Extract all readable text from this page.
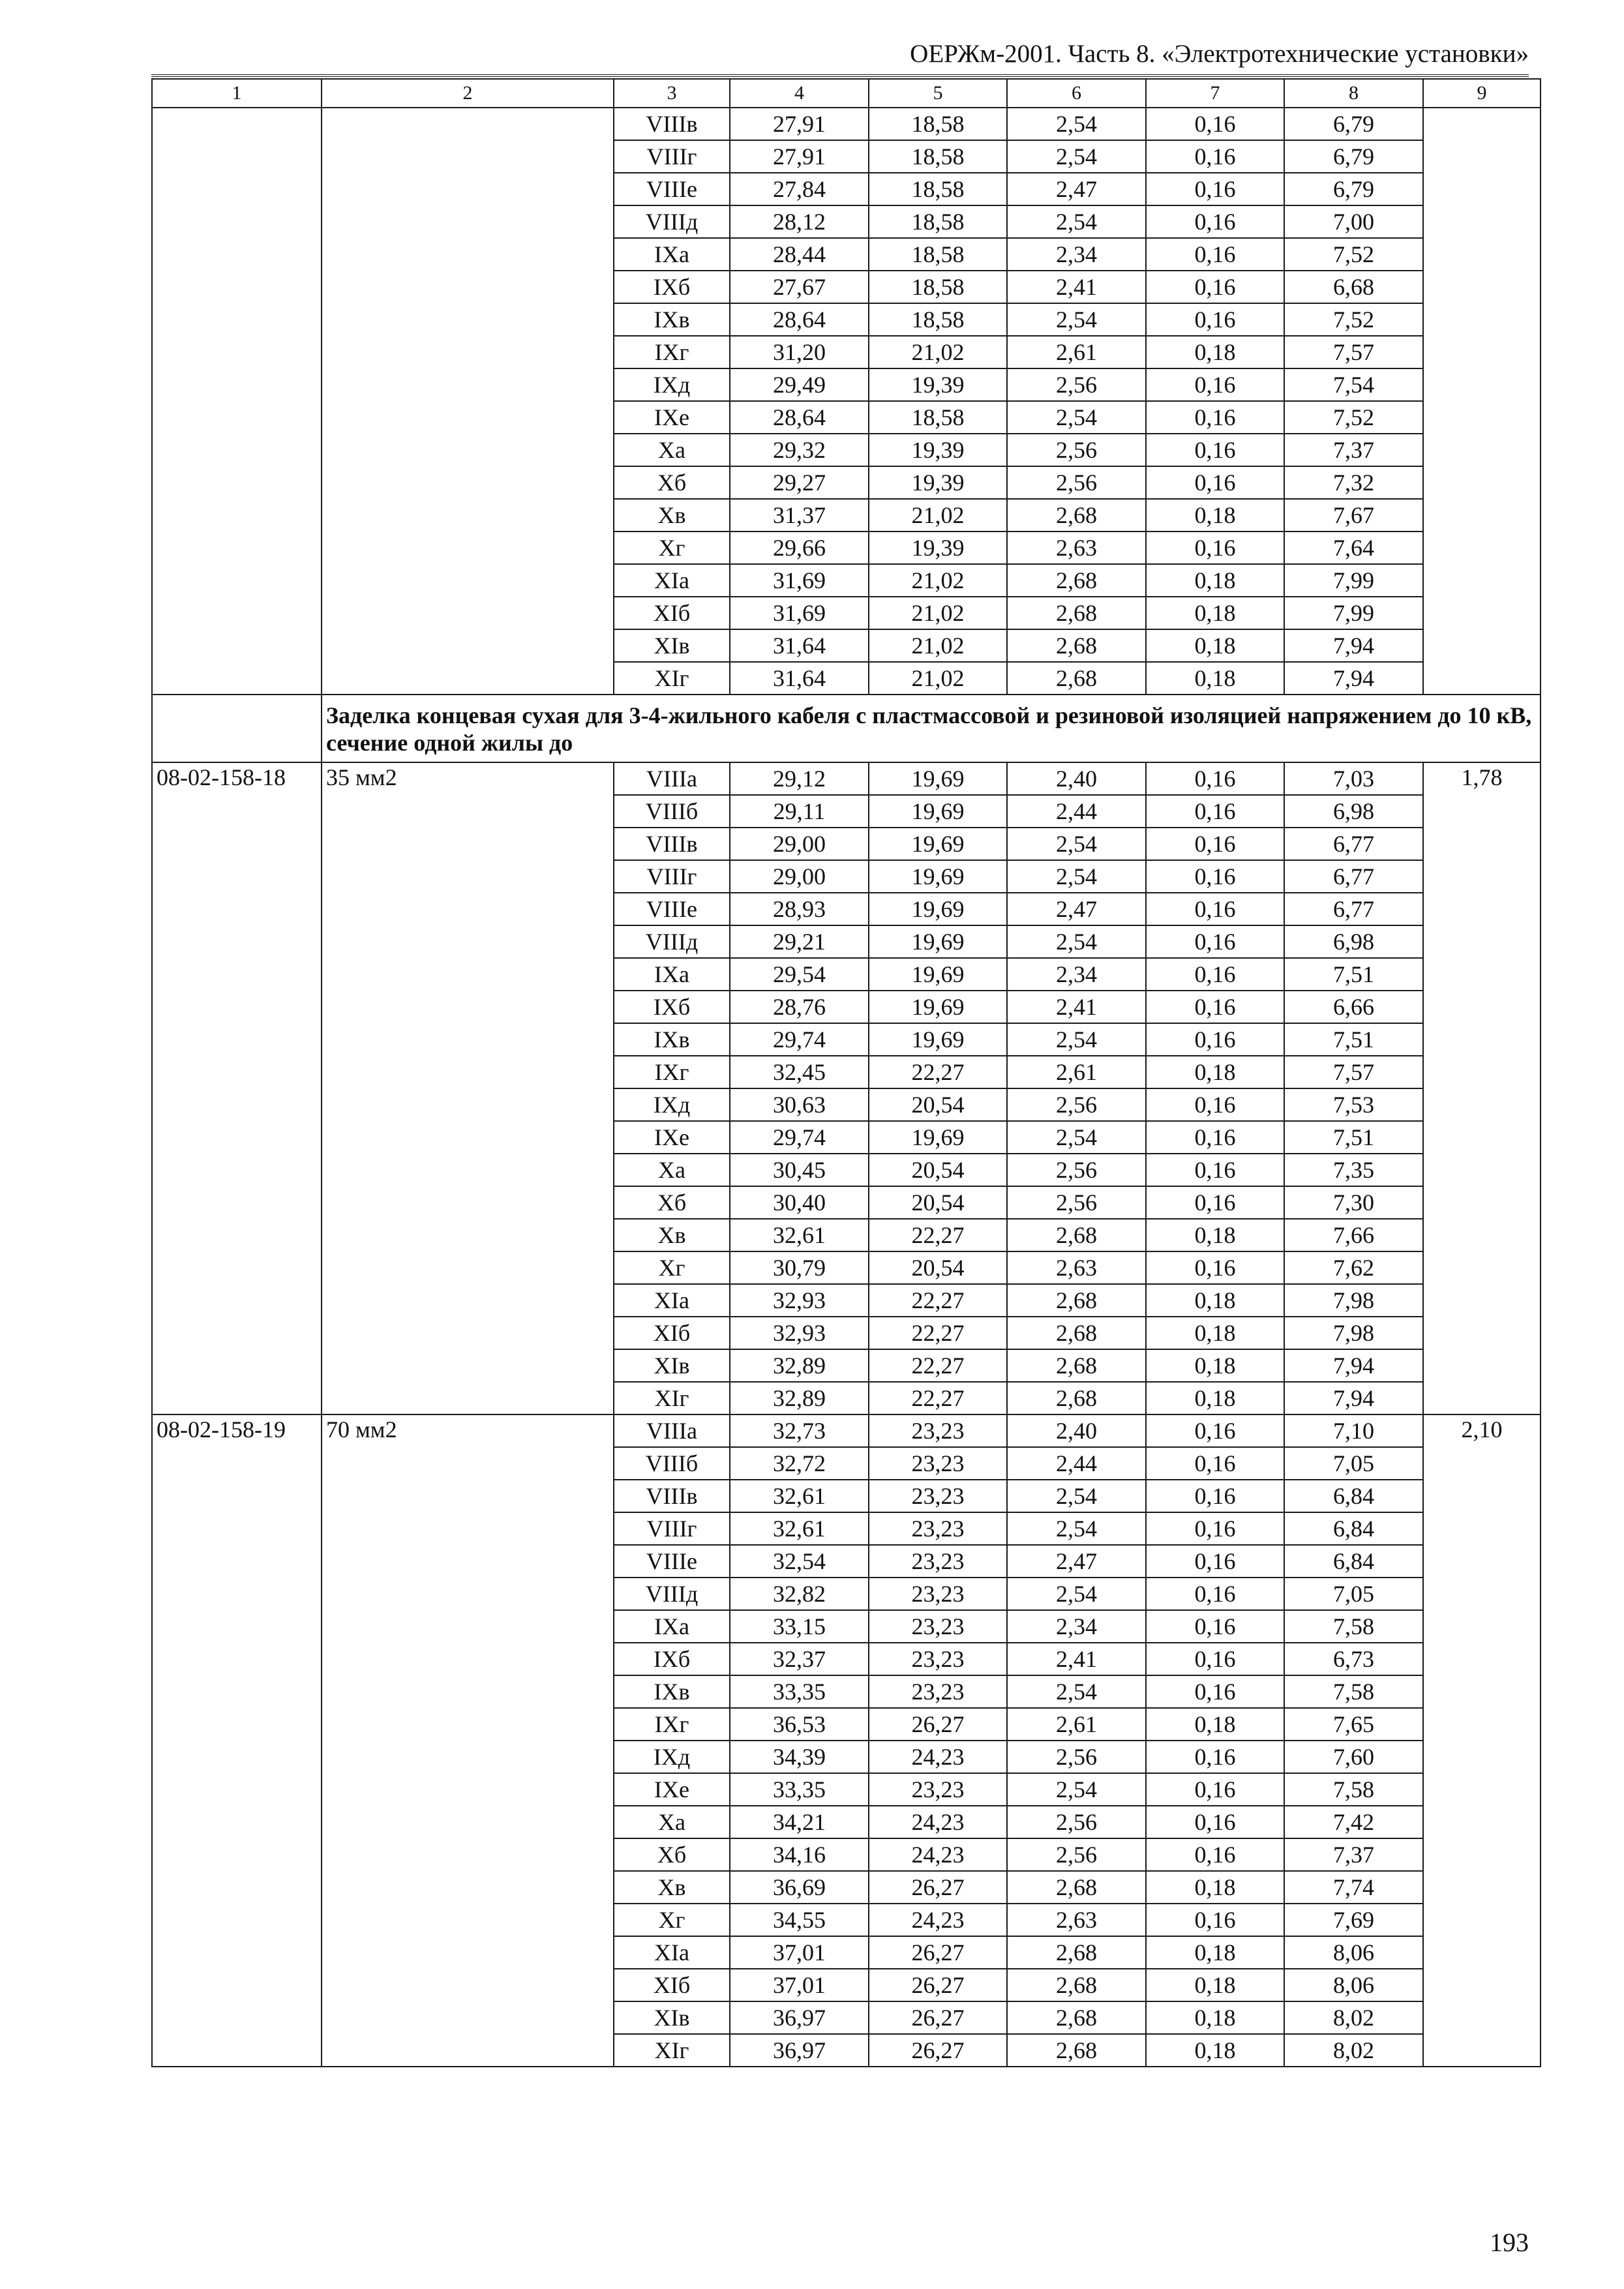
ОЕРЖм-2001. Часть 8. «Электротехнические установки»
1	2	3	4	5	6	7	8	9
		VIIIв	27,91	18,58	2,54	0,16	6,79	
		VIIIг	27,91	18,58	2,54	0,16	6,79	
		VIIIе	27,84	18,58	2,47	0,16	6,79	
		VIIIд	28,12	18,58	2,54	0,16	7,00	
		IXа	28,44	18,58	2,34	0,16	7,52	
		IXб	27,67	18,58	2,41	0,16	6,68	
		IXв	28,64	18,58	2,54	0,16	7,52	
		IXг	31,20	21,02	2,61	0,18	7,57	
		IXд	29,49	19,39	2,56	0,16	7,54	
		IXе	28,64	18,58	2,54	0,16	7,52	
		Xа	29,32	19,39	2,56	0,16	7,37	
		Xб	29,27	19,39	2,56	0,16	7,32	
		Xв	31,37	21,02	2,68	0,18	7,67	
		Xг	29,66	19,39	2,63	0,16	7,64	
		XIа	31,69	21,02	2,68	0,18	7,99	
		XIб	31,69	21,02	2,68	0,18	7,99	
		XIв	31,64	21,02	2,68	0,18	7,94	
		XIг	31,64	21,02	2,68	0,18	7,94	
	Заделка концевая сухая для 3-4-жильного кабеля с пластмассовой и резиновой изоляцией напряжением до 10 кВ, сечение одной жилы до							
08-02-158-18	35 мм2	VIIIа	29,12	19,69	2,40	0,16	7,03	1,78
		VIIIб	29,11	19,69	2,44	0,16	6,98	
		VIIIв	29,00	19,69	2,54	0,16	6,77	
		VIIIг	29,00	19,69	2,54	0,16	6,77	
		VIIIе	28,93	19,69	2,47	0,16	6,77	
		VIIIд	29,21	19,69	2,54	0,16	6,98	
		IXа	29,54	19,69	2,34	0,16	7,51	
		IXб	28,76	19,69	2,41	0,16	6,66	
		IXв	29,74	19,69	2,54	0,16	7,51	
		IXг	32,45	22,27	2,61	0,18	7,57	
		IXд	30,63	20,54	2,56	0,16	7,53	
		IXе	29,74	19,69	2,54	0,16	7,51	
		Xа	30,45	20,54	2,56	0,16	7,35	
		Xб	30,40	20,54	2,56	0,16	7,30	
		Xв	32,61	22,27	2,68	0,18	7,66	
		Xг	30,79	20,54	2,63	0,16	7,62	
		XIа	32,93	22,27	2,68	0,18	7,98	
		XIб	32,93	22,27	2,68	0,18	7,98	
		XIв	32,89	22,27	2,68	0,18	7,94	
		XIг	32,89	22,27	2,68	0,18	7,94	
08-02-158-19	70 мм2	VIIIа	32,73	23,23	2,40	0,16	7,10	2,10
		VIIIб	32,72	23,23	2,44	0,16	7,05	
		VIIIв	32,61	23,23	2,54	0,16	6,84	
		VIIIг	32,61	23,23	2,54	0,16	6,84	
		VIIIе	32,54	23,23	2,47	0,16	6,84	
		VIIIд	32,82	23,23	2,54	0,16	7,05	
		IXа	33,15	23,23	2,34	0,16	7,58	
		IXб	32,37	23,23	2,41	0,16	6,73	
		IXв	33,35	23,23	2,54	0,16	7,58	
		IXг	36,53	26,27	2,61	0,18	7,65	
		IXд	34,39	24,23	2,56	0,16	7,60	
		IXе	33,35	23,23	2,54	0,16	7,58	
		Xа	34,21	24,23	2,56	0,16	7,42	
		Xб	34,16	24,23	2,56	0,16	7,37	
		Xв	36,69	26,27	2,68	0,18	7,74	
		Xг	34,55	24,23	2,63	0,16	7,69	
		XIа	37,01	26,27	2,68	0,18	8,06	
		XIб	37,01	26,27	2,68	0,18	8,06	
		XIв	36,97	26,27	2,68	0,18	8,02	
		XIг	36,97	26,27	2,68	0,18	8,02	
193
